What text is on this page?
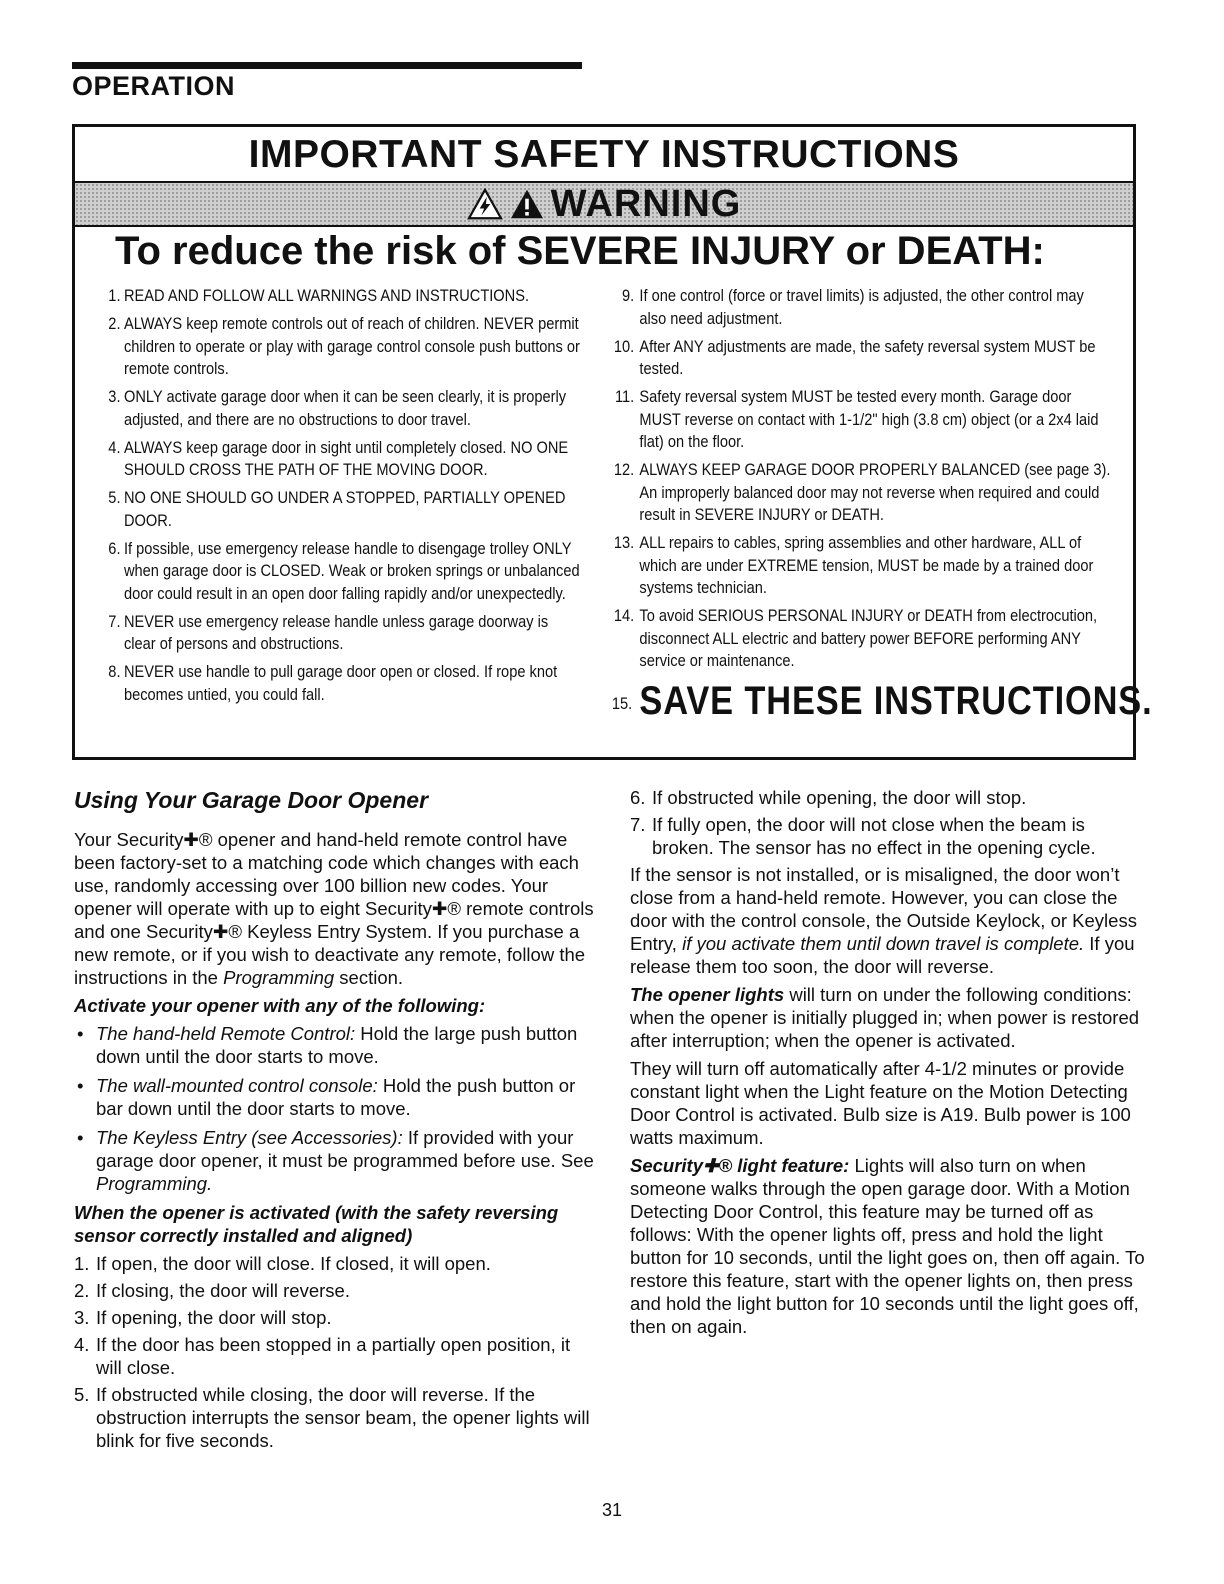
OPERATION
IMPORTANT SAFETY INSTRUCTIONS
WARNING
To reduce the risk of SEVERE INJURY or DEATH:
1 . READ AND FOLLOW ALL WARNINGS AND INSTRUCTIONS.
2 . ALWAYS keep remote controls out of reach of children. NEVER permit children to operate or play with garage control console push buttons or remote controls.
3 . ONLY activate garage door when it can be seen clearly, it is properly adjusted, and there are no obstructions to door travel.
4 . ALWAYS keep garage door in sight until completely closed. NO ONE SHOULD CROSS THE PATH OF THE MOVING DOOR.
5 . NO ONE SHOULD GO UNDER A STOPPED, PARTIALLY OPENED DOOR.
6 . If possible, use emergency release handle to disengage trolley ONLY when garage door is CLOSED. Weak or broken springs or unbalanced door could result in an open door falling rapidly and/or unexpectedly.
7 . NEVER use emergency release handle unless garage doorway is clear of persons and obstructions.
8 . NEVER use handle to pull garage door open or closed. If rope knot becomes untied, you could fall.
9 . If one control (force or travel limits) is adjusted, the other control may also need adjustment.
10 . After ANY adjustments are made, the safety reversal system MUST be tested.
11 . Safety reversal system MUST be tested every month. Garage door MUST reverse on contact with 1-1/2" high (3.8 cm) object (or a 2x4 laid flat) on the floor.
12 . ALWAYS KEEP GARAGE DOOR PROPERLY BALANCED (see page 3). An improperly balanced door may not reverse when required and could result in SEVERE INJURY or DEATH.
13 . ALL repairs to cables, spring assemblies and other hardware, ALL of which are under EXTREME tension, MUST be made by a trained door systems technician.
14 . To avoid SERIOUS PERSONAL INJURY or DEATH from electrocution, disconnect ALL electric and battery power BEFORE performing ANY service or maintenance.
15 . SAVE THESE INSTRUCTIONS.
Using Your Garage Door Opener

Your Security✚® opener and hand-held remote control have been factory-set to a matching code which changes with each use, randomly accessing over 100 billion new codes. Your opener will operate with up to eight Security✚® remote controls and one Security✚® Keyless Entry System. If you purchase a new remote, or if you wish to deactivate any remote, follow the instructions in the Programming section.

Activate your opener with any of the following:

• The hand-held Remote Control: Hold the large push button down until the door starts to move.
• The wall-mounted control console: Hold the push button or bar down until the door starts to move.
• The Keyless Entry (see Accessories): If provided with your garage door opener, it must be programmed before use. See Programming.

When the opener is activated (with the safety reversing sensor correctly installed and aligned)

1 . If open, the door will close. If closed, it will open.
2 . If closing, the door will reverse.
3 . If opening, the door will stop.
4 . If the door has been stopped in a partially open position, it will close.
5 . If obstructed while closing, the door will reverse. If the obstruction interrupts the sensor beam, the opener lights will blink for five seconds.
6 . If obstructed while opening, the door will stop.
7 . If fully open, the door will not close when the beam is broken. The sensor has no effect in the opening cycle.

If the sensor is not installed, or is misaligned, the door won’t close from a hand-held remote. However, you can close the door with the control console, the Outside Keylock, or Keyless Entry, if you activate them until down travel is complete. If you release them too soon, the door will reverse.

The opener lights will turn on under the following conditions: when the opener is initially plugged in; when power is restored after interruption; when the opener is activated.

They will turn off automatically after 4-1/2 minutes or provide constant light when the Light feature on the Motion Detecting Door Control is activated. Bulb size is A19. Bulb power is 100 watts maximum.

Security✚® light feature: Lights will also turn on when someone walks through the open garage door. With a Motion Detecting Door Control, this feature may be turned off as follows: With the opener lights off, press and hold the light button for 10 seconds, until the light goes on, then off again. To restore this feature, start with the opener lights on, then press and hold the light button for 10 seconds until the light goes off, then on again.

31
